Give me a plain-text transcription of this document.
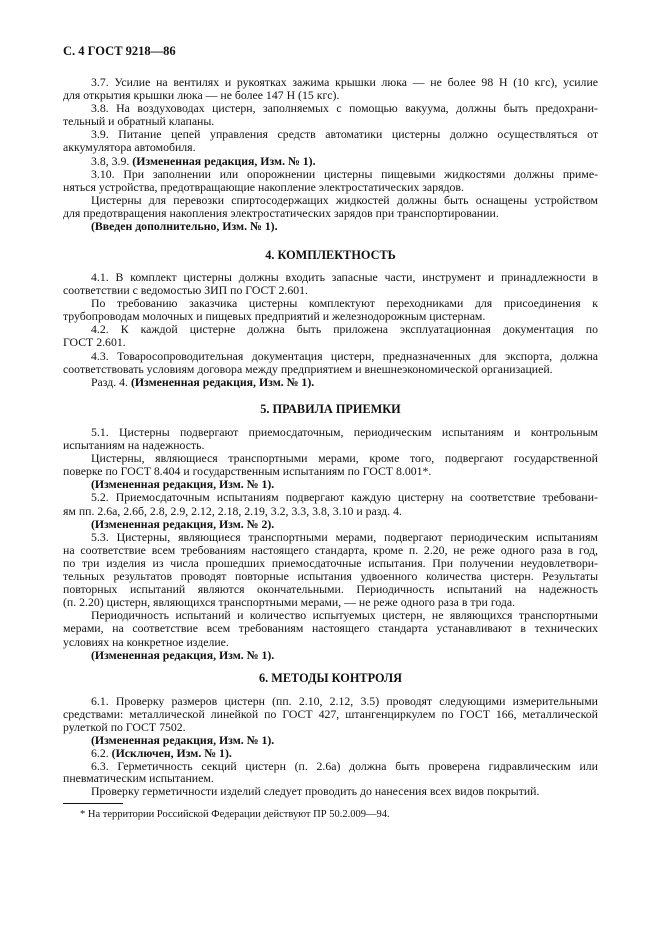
С. 4 ГОСТ 9218—86
3.7. Усилие на вентилях и рукоятках зажима крышки люка — не более 98 Н (10 кгс), усилие
для открытия крышки люка — не более 147 Н (15 кгс).
3.8. На воздуховодах цистерн, заполняемых с помощью вакуума, должны быть предохрани-
тельный и обратный клапаны.
3.9. Питание цепей управления средств автоматики цистерны должно осуществляться от
аккумулятора автомобиля.
3.8, 3.9. (Измененная редакция, Изм. № 1).
3.10. При заполнении или опорожнении цистерны пищевыми жидкостями должны приме-
няться устройства, предотвращающие накопление электростатических зарядов.
Цистерны для перевозки спиртосодержащих жидкостей должны быть оснащены устройством
для предотвращения накопления электростатических зарядов при транспортировании.
(Введен дополнительно, Изм. № 1).
4. КОМПЛЕКТНОСТЬ
4.1. В комплект цистерны должны входить запасные части, инструмент и принадлежности в
соответствии с ведомостью ЗИП по ГОСТ 2.601.
По требованию заказчика цистерны комплектуют переходниками для присоединения к
трубопроводам молочных и пищевых предприятий и железнодорожным цистернам.
4.2. К каждой цистерне должна быть приложена эксплуатационная документация по
ГОСТ 2.601.
4.3. Товаросопроводительная документация цистерн, предназначенных для экспорта, должна
соответствовать условиям договора между предприятием и внешнеэкономической организацией.
Разд. 4. (Измененная редакция, Изм. № 1).
5. ПРАВИЛА ПРИЕМКИ
5.1. Цистерны подвергают приемосдаточным, периодическим испытаниям и контрольным
испытаниям на надежность.
Цистерны, являющиеся транспортными мерами, кроме того, подвергают государственной
поверке по ГОСТ 8.404 и государственным испытаниям по ГОСТ 8.001*.
(Измененная редакция, Изм. № 1).
5.2. Приемосдаточным испытаниям подвергают каждую цистерну на соответствие требовани-
ям пп. 2.6а, 2.6б, 2.8, 2.9, 2.12, 2.18, 2.19, 3.2, 3.3, 3.8, 3.10 и разд. 4.
(Измененная редакция, Изм. № 2).
5.3. Цистерны, являющиеся транспортными мерами, подвергают периодическим испытаниям
на соответствие всем требованиям настоящего стандарта, кроме п. 2.20, не реже одного раза в год,
по три изделия из числа прошедших приемосдаточные испытания. При получении неудовлетвори-
тельных результатов проводят повторные испытания удвоенного количества цистерн. Результаты
повторных испытаний являются окончательными. Периодичность испытаний на надежность
(п. 2.20) цистерн, являющихся транспортными мерами, — не реже одного раза в три года.
Периодичность испытаний и количество испытуемых цистерн, не являющихся транспортными
мерами, на соответствие всем требованиям настоящего стандарта устанавливают в технических
условиях на конкретное изделие.
(Измененная редакция, Изм. № 1).
6. МЕТОДЫ КОНТРОЛЯ
6.1. Проверку размеров цистерн (пп. 2.10, 2.12, 3.5) проводят следующими измерительными
средствами: металлической линейкой по ГОСТ 427, штангенциркулем по ГОСТ 166, металлической
рулеткой по ГОСТ 7502.
(Измененная редакция, Изм. № 1).
6.2. (Исключен, Изм. № 1).
6.3. Герметичность секций цистерн (п. 2.6а) должна быть проверена гидравлическим или
пневматическим испытанием.
Проверку герметичности изделий следует проводить до нанесения всех видов покрытий.
* На территории Российской Федерации действуют ПР 50.2.009—94.
